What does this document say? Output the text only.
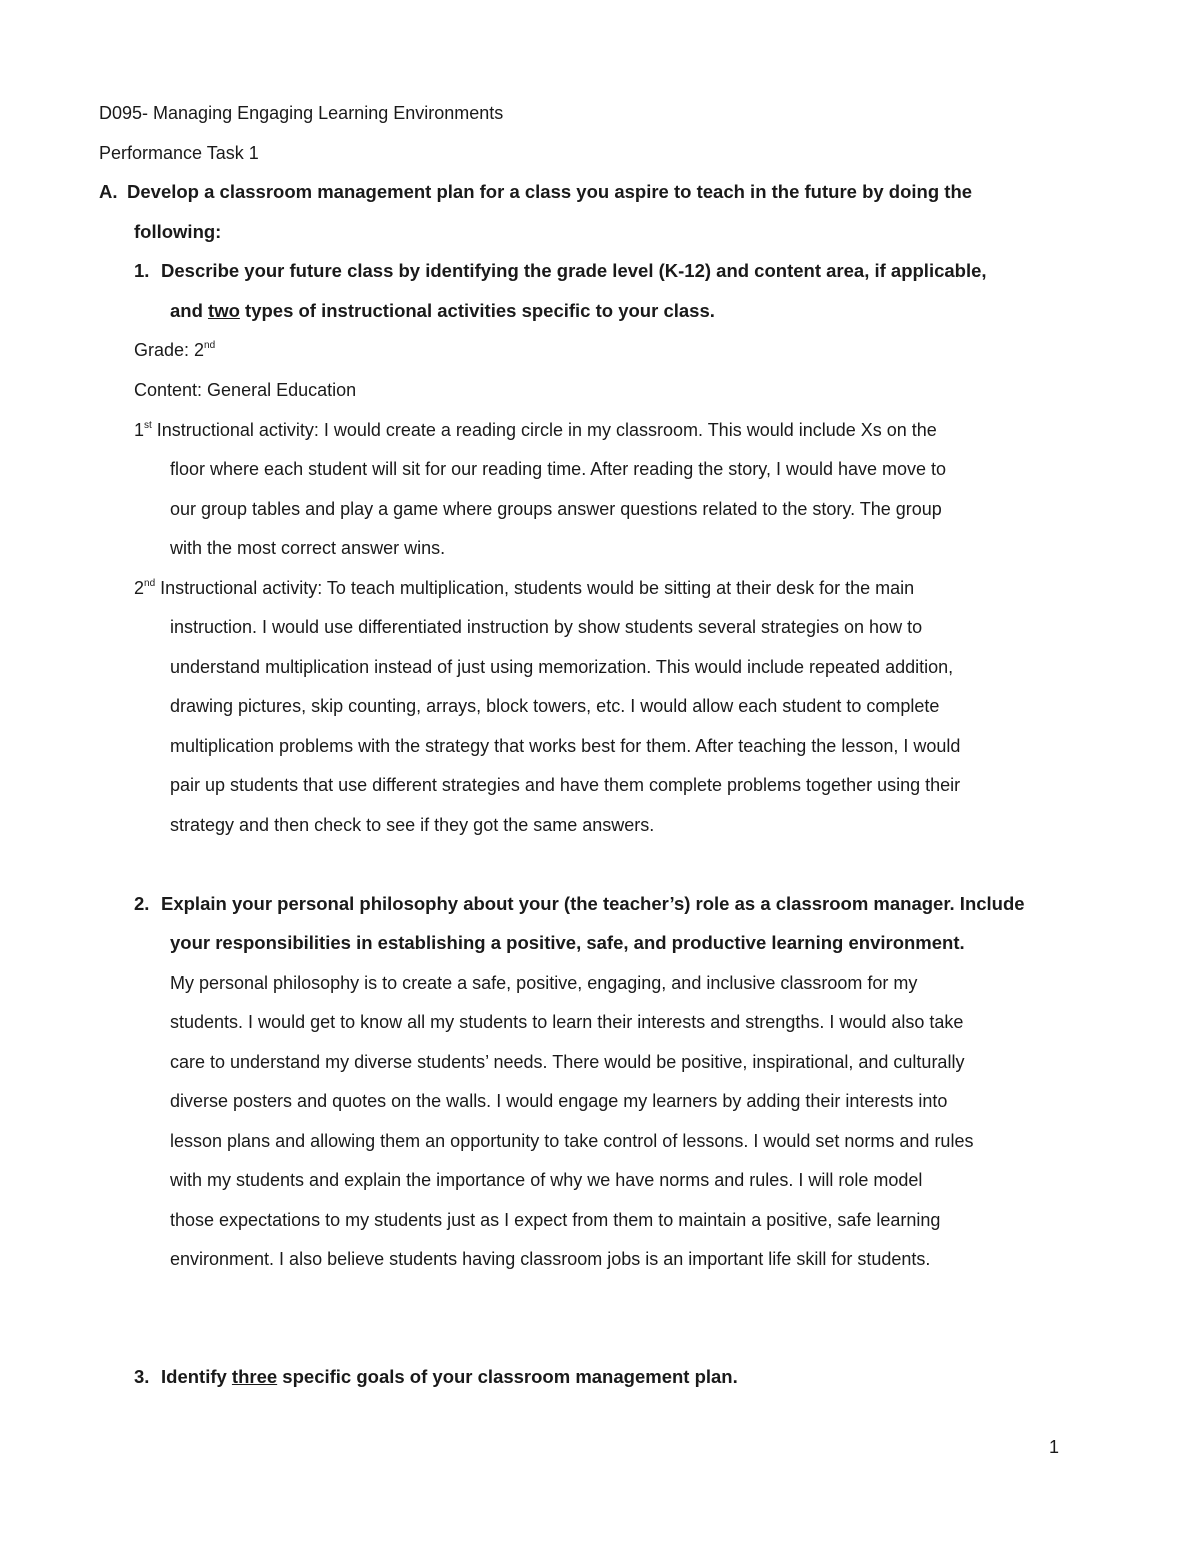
D095- Managing Engaging Learning Environments
Performance Task 1
A. Develop a classroom management plan for a class you aspire to teach in the future by doing the
following:
1. Describe your future class by identifying the grade level (K-12) and content area, if applicable,
and two types of instructional activities specific to your class.
Grade: 2nd
Content: General Education
1st Instructional activity: I would create a reading circle in my classroom. This would include Xs on the
floor where each student will sit for our reading time. After reading the story, I would have move to
our group tables and play a game where groups answer questions related to the story. The group
with the most correct answer wins.
2nd Instructional activity: To teach multiplication, students would be sitting at their desk for the main
instruction. I would use differentiated instruction by show students several strategies on how to
understand multiplication instead of just using memorization. This would include repeated addition,
drawing pictures, skip counting, arrays, block towers, etc. I would allow each student to complete
multiplication problems with the strategy that works best for them. After teaching the lesson, I would
pair up students that use different strategies and have them complete problems together using their
strategy and then check to see if they got the same answers.
2. Explain your personal philosophy about your (the teacher’s) role as a classroom manager. Include
your responsibilities in establishing a positive, safe, and productive learning environment.
My personal philosophy is to create a safe, positive, engaging, and inclusive classroom for my
students. I would get to know all my students to learn their interests and strengths. I would also take
care to understand my diverse students’ needs. There would be positive, inspirational, and culturally
diverse posters and quotes on the walls. I would engage my learners by adding their interests into
lesson plans and allowing them an opportunity to take control of lessons. I would set norms and rules
with my students and explain the importance of why we have norms and rules. I will role model
those expectations to my students just as I expect from them to maintain a positive, safe learning
environment. I also believe students having classroom jobs is an important life skill for students.
3. Identify three specific goals of your classroom management plan.
1
